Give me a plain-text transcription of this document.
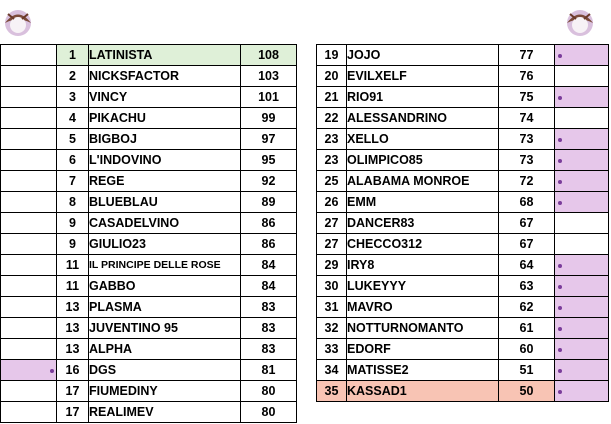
	1	LATINISTA	108
	2	NICKSFACTOR	103
	3	VINCY	101
	4	PIKACHU	99
	5	BIGBOJ	97
	6	L'INDOVINO	95
	7	REGE	92
	8	BLUEBLAU	89
	9	CASADELVINO	86
	9	GIULIO23	86
	11	IL PRINCIPE DELLE ROSE	84
	11	GABBO	84
	13	PLASMA	83
	13	JUVENTINO 95	83
	13	ALPHA	83
	16	DGS	81
	17	FIUMEDINY	80
	17	REALIMEV	80
19	JOJO	77	
20	EVILXELF	76	
21	RIO91	75	
22	ALESSANDRINO	74	
23	XELLO	73	
23	OLIMPICO85	73	
25	ALABAMA MONROE	72	
26	EMM	68	
27	DANCER83	67	
27	CHECCO312	67	
29	IRY8	64	
30	LUKEYYY	63	
31	MAVRO	62	
32	NOTTURNOMANTO	61	
33	EDORF	60	
34	MATISSE2	51	
35	KASSAD1	50	
